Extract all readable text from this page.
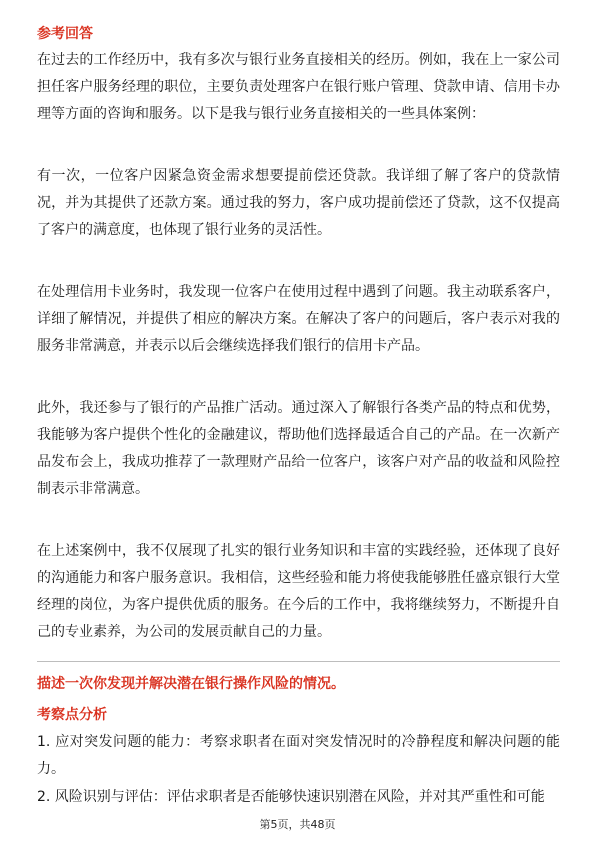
参考回答

在过去的工作经历中，我有多次与银行业务直接相关的经历。例如，我在上一家公司担任客户服务经理的职位，主要负责处理客户在银行账户管理、贷款申请、信用卡办理等方面的咨询和服务。以下是我与银行业务直接相关的一些具体案例：

有一次，一位客户因紧急资金需求想要提前偿还贷款。我详细了解了客户的贷款情况，并为其提供了还款方案。通过我的努力，客户成功提前偿还了贷款，这不仅提高了客户的满意度，也体现了银行业务的灵活性。

在处理信用卡业务时，我发现一位客户在使用过程中遇到了问题。我主动联系客户，详细了解情况，并提供了相应的解决方案。在解决了客户的问题后，客户表示对我的服务非常满意，并表示以后会继续选择我们银行的信用卡产品。

此外，我还参与了银行的产品推广活动。通过深入了解银行各类产品的特点和优势，我能够为客户提供个性化的金融建议，帮助他们选择最适合自己的产品。在一次新产品发布会上，我成功推荐了一款理财产品给一位客户，该客户对产品的收益和风险控制表示非常满意。

在上述案例中，我不仅展现了扎实的银行业务知识和丰富的实践经验，还体现了良好的沟通能力和客户服务意识。我相信，这些经验和能力将使我能够胜任盛京银行大堂经理的岗位，为客户提供优质的服务。在今后的工作中，我将继续努力，不断提升自己的专业素养，为公司的发展贡献自己的力量。

描述一次你发现并解决潜在银行操作风险的情况。

考察点分析

1. 应对突发问题的能力：考察求职者在面对突发情况时的冷静程度和解决问题的能力。

2. 风险识别与评估：评估求职者是否能够快速识别潜在风险，并对其严重性和可能

第5页，共48页
